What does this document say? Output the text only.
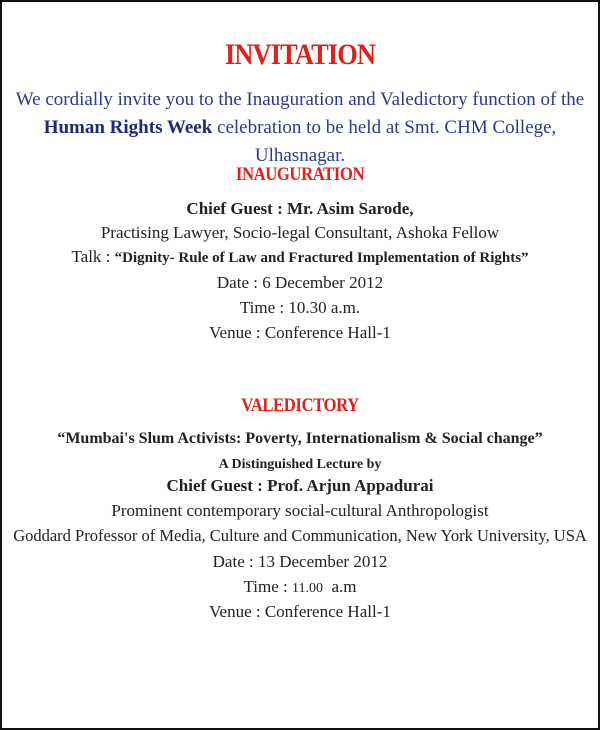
INVITATION
We cordially invite you to the Inauguration and Valedictory function of the
Human Rights Week celebration to be held at Smt. CHM College, Ulhasnagar.
INAUGURATION
Chief Guest : Mr. Asim Sarode,
Practising Lawyer, Socio-legal Consultant, Ashoka Fellow
Talk : “Dignity- Rule of Law and Fractured Implementation of Rights”
Date : 6 December 2012
Time : 10.30 a.m.
Venue : Conference Hall-1
VALEDICTORY
“Mumbai's Slum Activists: Poverty, Internationalism & Social change”
A Distinguished Lecture by
Chief Guest : Prof. Arjun Appadurai
Prominent contemporary social-cultural Anthropologist
Goddard Professor of Media, Culture and Communication, New York University, USA
Date : 13 December 2012
Time : 11.00  a.m
Venue : Conference Hall-1
